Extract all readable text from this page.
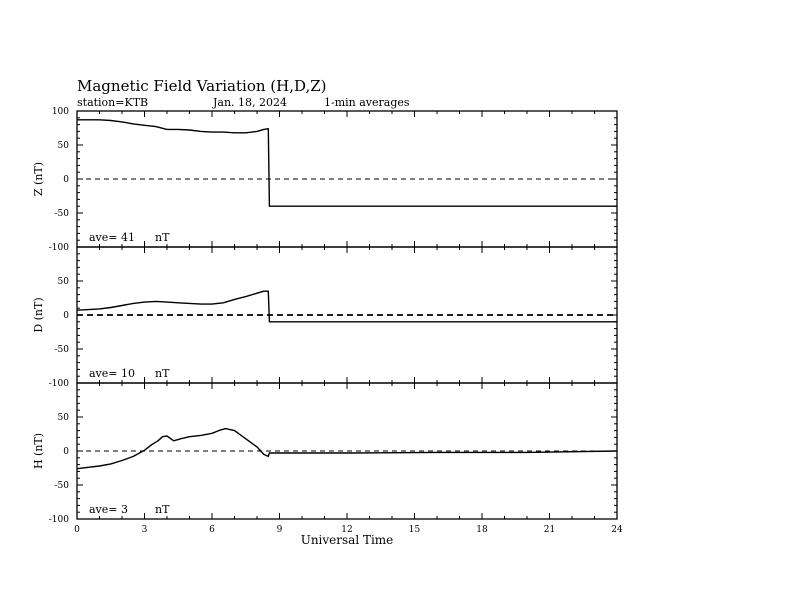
Magnetic Field Variation (H,D,Z)
station=KTB	Jan. 18, 2024	1-min averages
100
50
0
-50
-100
Z (nT)
ave= 41 nT
50
0
-50
-100
D (nT)
ave= 10 nT
50
0
-50
-100
H (nT)
ave= 3 nT
0	3	6	9	12	15	18	21	24
Universal Time
